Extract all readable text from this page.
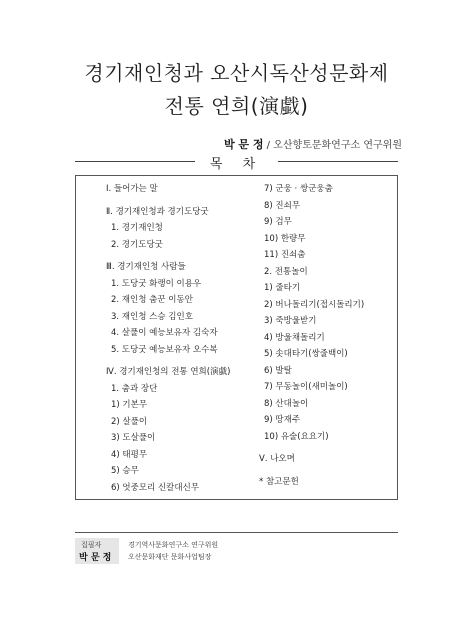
경기재인청과 오산시독산성문화제
전통 연희(演戱)
박 문 정 / 오산향토문화연구소 연구위원
목 차
Ⅰ. 들어가는 말
Ⅱ. 경기재인청과 경기도당굿
1. 경기재인청
2. 경기도당굿
Ⅲ. 경기재인청 사람들
1. 도당굿 화랭이 이용우
2. 재인청 춤꾼 이동안
3. 재인청 스승 김인호
4. 살풀이 예능보유자 김숙자
5. 도당굿 예능보유자 오수복
Ⅳ. 경기재인청의 전통 연희(演戱)
1. 춤과 장단
1) 기본무
2) 살풀이
3) 도살풀이
4) 태평무
5) 승무
6) 엇중모리 신칼대신무
7) 군웅 · 쌍군웅춤
8) 진쇠무
9) 검무
10) 한량무
11) 진쇠춤
2. 전통놀이
1) 줄타기
2) 버나돌리기(접시돌리기)
3) 죽방울받기
4) 방울채돌리기
5) 솟대타기(쌍줄백이)
6) 발탈
7) 무동놀이(새미놀이)
8) 산대놀이
9) 땅재주
10) 유술(요요기)
Ⅴ. 나오며
* 참고문헌
집필자
박 문 정
경기역사문화연구소 연구위원
오산문화재단 문화사업팀장
